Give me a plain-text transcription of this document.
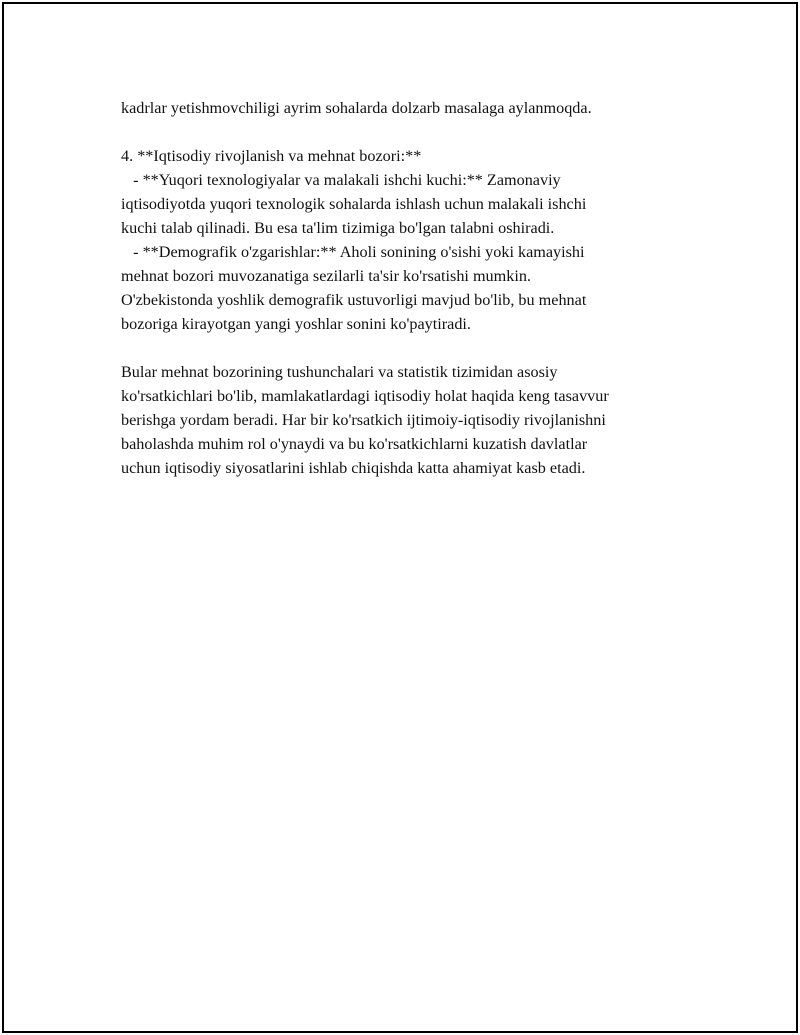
kadrlar yetishmovchiligi ayrim sohalarda dolzarb masalaga aylanmoqda.

4. **Iqtisodiy rivojlanish va mehnat bozori:**
- **Yuqori texnologiyalar va malakali ishchi kuchi:** Zamonaviy
iqtisodiyotda yuqori texnologik sohalarda ishlash uchun malakali ishchi
kuchi talab qilinadi. Bu esa ta'lim tizimiga bo'lgan talabni oshiradi.
- **Demografik o'zgarishlar:** Aholi sonining o'sishi yoki kamayishi
mehnat bozori muvozanatiga sezilarli ta'sir ko'rsatishi mumkin.
O'zbekistonda yoshlik demografik ustuvorligi mavjud bo'lib, bu mehnat
bozoriga kirayotgan yangi yoshlar sonini ko'paytiradi.

Bular mehnat bozorining tushunchalari va statistik tizimidan asosiy
ko'rsatkichlari bo'lib, mamlakatlardagi iqtisodiy holat haqida keng tasavvur
berishga yordam beradi. Har bir ko'rsatkich ijtimoiy-iqtisodiy rivojlanishni
baholashda muhim rol o'ynaydi va bu ko'rsatkichlarni kuzatish davlatlar
uchun iqtisodiy siyosatlarini ishlab chiqishda katta ahamiyat kasb etadi.
